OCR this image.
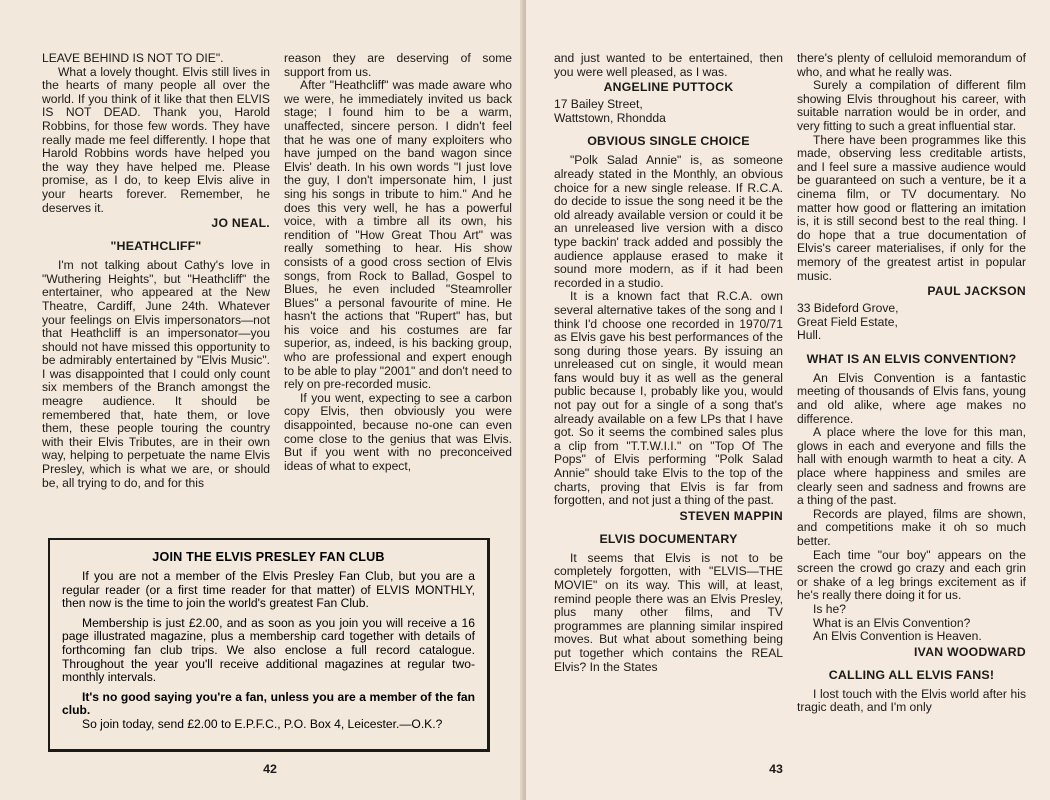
LEAVE BEHIND IS NOT TO DIE".

What a lovely thought. Elvis still lives in the hearts of many people all over the world. If you think of it like that then ELVIS IS NOT DEAD. Thank you, Harold Robbins, for those few words. They have really made me feel differently. I hope that Harold Robbins words have helped you the way they have helped me. Please promise, as I do, to keep Elvis alive in your hearts forever. Remember, he deserves it.

JO NEAL.
"HEATHCLIFF"

I'm not talking about Cathy's love in "Wuthering Heights", but "Heathcliff" the entertainer, who appeared at the New Theatre, Cardiff, June 24th. Whatever your feelings on Elvis impersonators—not that Heathcliff is an impersonator—you should not have missed this opportunity to be admirably entertained by "Elvis Music". I was disappointed that I could only count six members of the Branch amongst the meagre audience. It should be remembered that, hate them, or love them, these people touring the country with their Elvis Tributes, are in their own way, helping to perpetuate the name Elvis Presley, which is what we are, or should be, all trying to do, and for this

reason they are deserving of some support from us.

After "Heathcliff" was made aware who we were, he immediately invited us back stage; I found him to be a warm, unaffected, sincere person. I didn't feel that he was one of many exploiters who have jumped on the band wagon since Elvis' death. In his own words "I just love the guy, I don't impersonate him, I just sing his songs in tribute to him." And he does this very well, he has a powerful voice, with a timbre all its own, his rendition of "How Great Thou Art" was really something to hear. His show consists of a good cross section of Elvis songs, from Rock to Ballad, Gospel to Blues, he even included "Steamroller Blues" a personal favourite of mine. He hasn't the actions that "Rupert" has, but his voice and his costumes are far superior, as, indeed, is his backing group, who are professional and expert enough to be able to play "2001" and don't need to rely on pre-recorded music.

If you went, expecting to see a carbon copy Elvis, then obviously you were disappointed, because no-one can even come close to the genius that was Elvis. But if you went with no preconceived ideas of what to expect,

42

and just wanted to be entertained, then you were well pleased, as I was.

ANGELINE PUTTOCK
17 Bailey Street,
Wattstown, Rhondda
OBVIOUS SINGLE CHOICE

"Polk Salad Annie" is, as someone already stated in the Monthly, an obvious choice for a new single release. If R.C.A. do decide to issue the song need it be the old already available version or could it be an unreleased live version with a disco type backin' track added and possibly the audience applause erased to make it sound more modern, as if it had been recorded in a studio.

It is a known fact that R.C.A. own several alternative takes of the song and I think I'd choose one recorded in 1970/71 as Elvis gave his best performances of the song during those years. By issuing an unreleased cut on single, it would mean fans would buy it as well as the general public because I, probably like you, would not pay out for a single of a song that's already available on a few LPs that I have got. So it seems the combined sales plus a clip from "T.T.W.I.I." on "Top Of The Pops" of Elvis performing "Polk Salad Annie" should take Elvis to the top of the charts, proving that Elvis is far from forgotten, and not just a thing of the past.

STEVEN MAPPIN
ELVIS DOCUMENTARY

It seems that Elvis is not to be completely forgotten, with "ELVIS—THE MOVIE" on its way. This will, at least, remind people there was an Elvis Presley, plus many other films, and TV programmes are planning similar inspired moves. But what about something being put together which contains the REAL Elvis? In the States

there's plenty of celluloid memorandum of who, and what he really was.

Surely a compilation of different film showing Elvis throughout his career, with suitable narration would be in order, and very fitting to such a great influential star.

There have been programmes like this made, observing less creditable artists, and I feel sure a massive audience would be guaranteed on such a venture, be it a cinema film, or TV documentary. No matter how good or flattering an imitation is, it is still second best to the real thing. I do hope that a true documentation of Elvis's career materialises, if only for the memory of the greatest artist in popular music.

PAUL JACKSON
33 Bideford Grove,
Great Field Estate,
Hull.
WHAT IS AN ELVIS CONVENTION?

An Elvis Convention is a fantastic meeting of thousands of Elvis fans, young and old alike, where age makes no difference.

A place where the love for this man, glows in each and everyone and fills the hall with enough warmth to heat a city. A place where happiness and smiles are clearly seen and sadness and frowns are a thing of the past.

Records are played, films are shown, and competitions make it oh so much better.

Each time "our boy" appears on the screen the crowd go crazy and each grin or shake of a leg brings excitement as if he's really there doing it for us.

Is he?

What is an Elvis Convention?

An Elvis Convention is Heaven.

IVAN WOODWARD
CALLING ALL ELVIS FANS!

I lost touch with the Elvis world after his tragic death, and I'm only

43
JOIN THE ELVIS PRESLEY FAN CLUB

If you are not a member of the Elvis Presley Fan Club, but you are a regular reader (or a first time reader for that matter) of ELVIS MONTHLY, then now is the time to join the world's greatest Fan Club.

Membership is just £2.00, and as soon as you join you will receive a 16 page illustrated magazine, plus a membership card together with details of forthcoming fan club trips. We also enclose a full record catalogue. Throughout the year you'll receive additional magazines at regular two-monthly intervals.

It's no good saying you're a fan, unless you are a member of the fan club.

So join today, send £2.00 to E.P.F.C., P.O. Box 4, Leicester.—O.K.?
